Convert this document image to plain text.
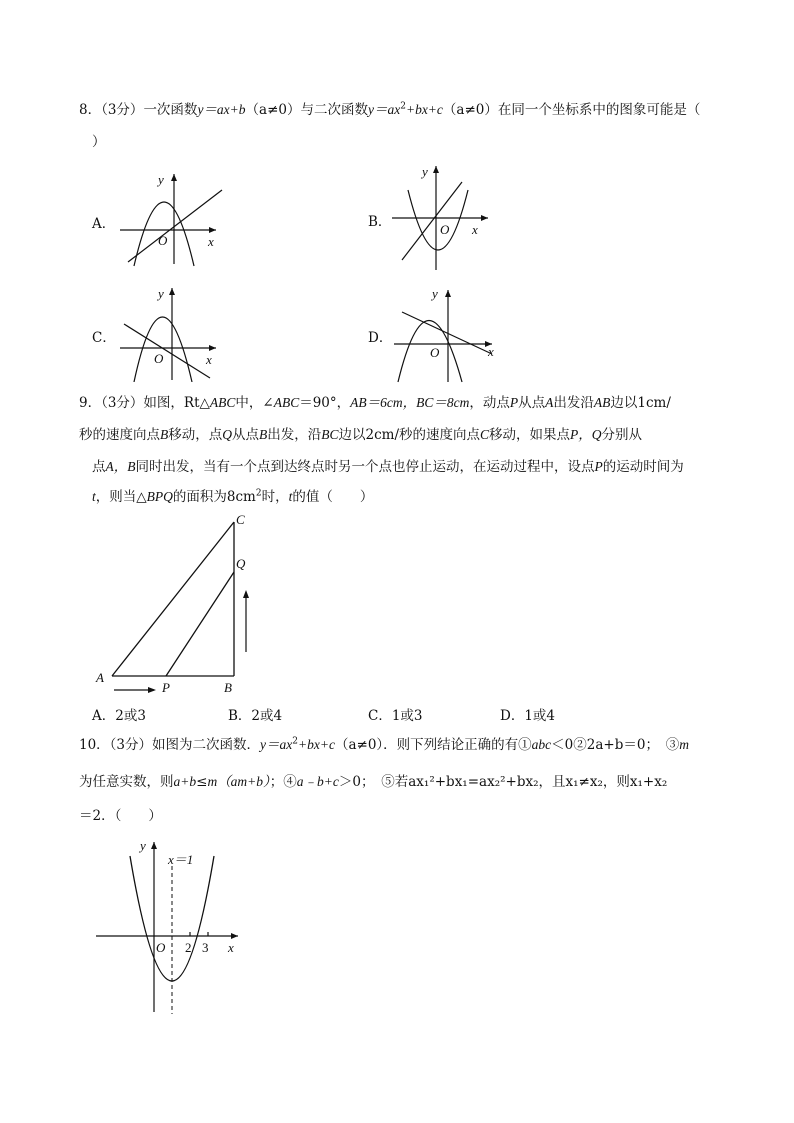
8．（3分）一次函数y＝ax+b（a≠0）与二次函数$y=ax^2+bx+c(a\ne 0)$在同一个坐标系中的图象可能是（
）
A．
y
x
O
B．
y
x
O
C．
y
x
O
D．
y
x
O
9．（3分）如图，Rt△ABC中，∠ABC＝90°，AB＝6cm，BC＝8cm，动点P从点A出发沿AB边以1cm/
秒的速度向点B移动，点Q从点B出发，沿BC边以2cm/秒的速度向点C移动，如果点P，Q分别从
点A，B同时出发，当有一个点到达终点时另一个点也停止运动，在运动过程中，设点P的运动时间为
t，则当△BPQ的面积为$8cm^2$时，t的值（　　）
A
B
C
P
Q
A．2或3	B．2或4	C．1或3	D．1或4
10．（3分）如图为二次函数．$y=ax^2+bx+c(a\ne 0)$．则下列结论正确的有①abc＜0②2a+b＝0；　③m
为任意实数，则a+b≤m（am+b）；④a﹣b+c＞0；　⑤若ax₁²+bx₁=ax₂²+bx₂，且x₁≠x₂，则x₁+x₂
＝2．（　　）
y
x＝1
x
O 2 3
